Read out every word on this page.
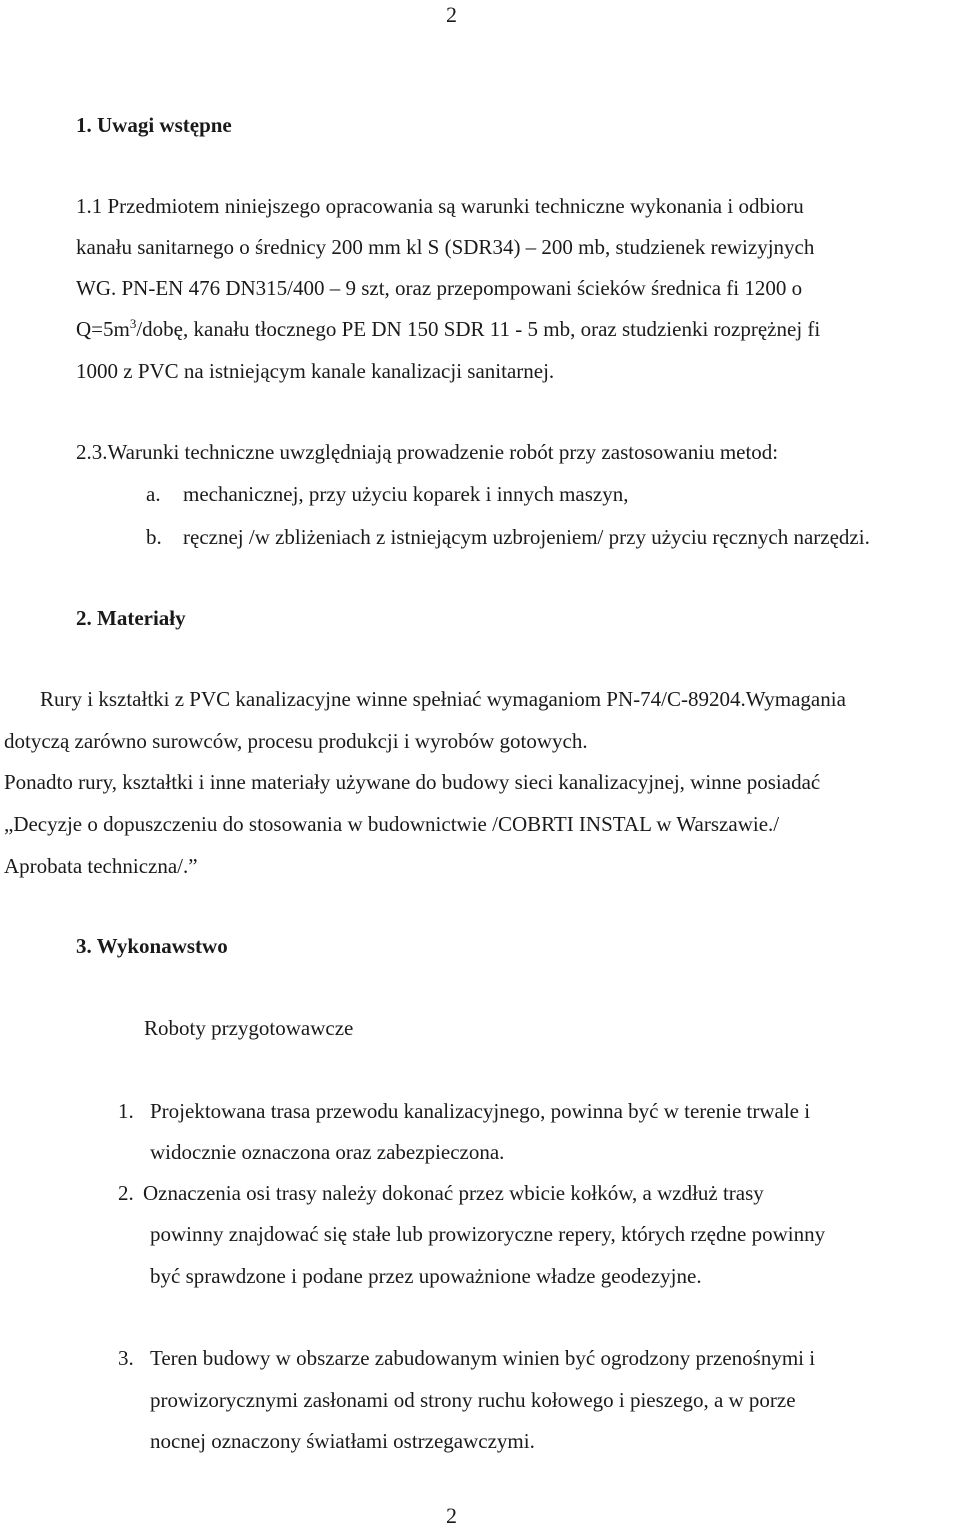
2
1. Uwagi wstępne
1.1 Przedmiotem niniejszego opracowania są warunki techniczne wykonania i odbioru
kanału sanitarnego o średnicy 200 mm kl S (SDR34) – 200 mb, studzienek rewizyjnych
WG. PN-EN 476 DN315/400 – 9 szt, oraz przepompowani ścieków średnica fi 1200 o
$Q=5m^3$/dobę, kanału tłocznego PE DN 150 SDR 11 - 5 mb, oraz studzienki rozprężnej fi
1000 z PVC na istniejącym kanale kanalizacji sanitarnej.
2.3.Warunki techniczne uwzględniają prowadzenie robót przy zastosowaniu metod:
a. mechanicznej, przy użyciu koparek i innych maszyn,
b. ręcznej /w zbliżeniach z istniejącym uzbrojeniem/ przy użyciu ręcznych narzędzi.
2. Materiały
Rury i kształtki z PVC kanalizacyjne winne spełniać wymaganiom PN-74/C-89204.Wymagania
dotyczą zarówno surowców, procesu produkcji i wyrobów gotowych.
Ponadto rury, kształtki i inne materiały używane do budowy sieci kanalizacyjnej, winne posiadać
„Decyzje o dopuszczeniu do stosowania w budownictwie /COBRTI INSTAL w Warszawie./
Aprobata techniczna/.”
3. Wykonawstwo
Roboty przygotowawcze
1. Projektowana trasa przewodu kanalizacyjnego, powinna być w terenie trwale i
widocznie oznaczona oraz zabezpieczona.
2. Oznaczenia osi trasy należy dokonać przez wbicie kołków, a wzdłuż trasy
powinny znajdować się stałe lub prowizoryczne repery, których rzędne powinny
być sprawdzone i podane przez upoważnione władze geodezyjne.
3. Teren budowy w obszarze zabudowanym winien być ogrodzony przenośnymi i
prowizorycznymi zasłonami od strony ruchu kołowego i pieszego, a w porze
nocnej oznaczony światłami ostrzegawczymi.
2
